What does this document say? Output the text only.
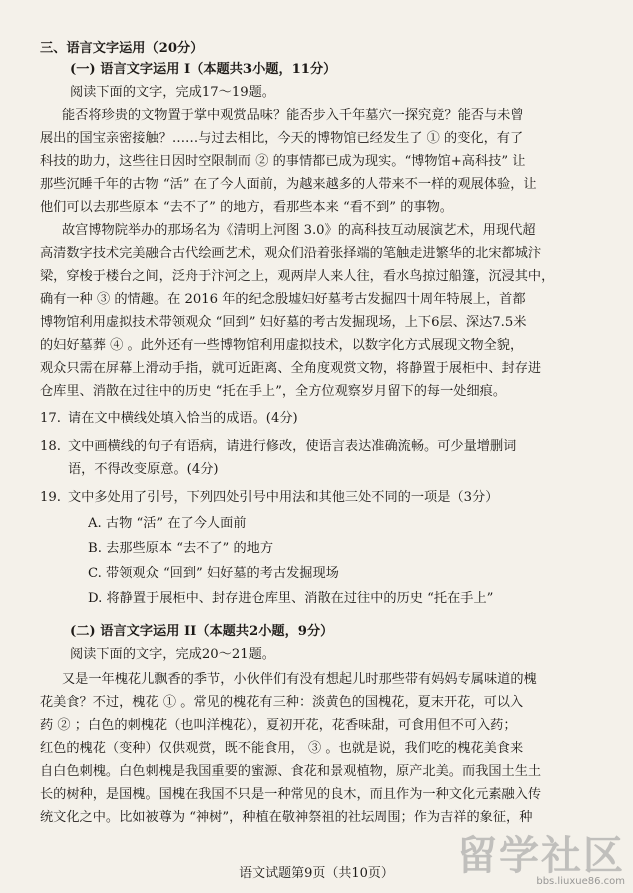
三、语言文字运用（20分）
(一) 语言文字运用 I（本题共3小题，11分）
阅读下面的文字，完成17～19题。
能否将珍贵的文物置于掌中观赏品味？能否步入千年墓穴一探究竟？能否与未曾
展出的国宝亲密接触？……与过去相比，今天的博物馆已经发生了 ① 的变化，有了
科技的助力，这些往日因时空限制而 ② 的事情都已成为现实。“博物馆+高科技” 让
那些沉睡千年的古物 “活” 在了今人面前，为越来越多的人带来不一样的观展体验，让
他们可以去那些原本 “去不了” 的地方，看那些本来 “看不到” 的事物。
故宫博物院举办的那场名为《清明上河图 3.0》的高科技互动展演艺术，用现代超
高清数字技术完美融合古代绘画艺术，观众们沿着张择端的笔触走进繁华的北宋都城汴
梁，穿梭于楼台之间，泛舟于汴河之上，观两岸人来人往，看水鸟掠过船篷，沉浸其中，
确有一种 ③ 的情趣。在 2016 年的纪念殷墟妇好墓考古发掘四十周年特展上，首都
博物馆利用虚拟技术带领观众 “回到” 妇好墓的考古发掘现场，上下6层、深达7.5米
的妇好墓葬 ④ 。此外还有一些博物馆利用虚拟技术，以数字化方式展现文物全貌，
观众只需在屏幕上滑动手指，就可近距离、全角度观赏文物，将静置于展柜中、封存进
仓库里、消散在过往中的历史 “托在手上”，全方位观察岁月留下的每一处细痕。
17. 请在文中横线处填入恰当的成语。(4分)
18. 文中画横线的句子有语病，请进行修改，使语言表达准确流畅。可少量增删词
语，不得改变原意。(4分)
19. 文中多处用了引号，下列四处引号中用法和其他三处不同的一项是（3分）
A. 古物 “活” 在了今人面前
B. 去那些原本 “去不了” 的地方
C. 带领观众 “回到” 妇好墓的考古发掘现场
D. 将静置于展柜中、封存进仓库里、消散在过往中的历史 “托在手上”
(二) 语言文字运用 II（本题共2小题，9分）
阅读下面的文字，完成20～21题。
又是一年槐花儿飘香的季节，小伙伴们有没有想起儿时那些带有妈妈专属味道的槐
花美食？不过，槐花 ① 。常见的槐花有三种：淡黄色的国槐花，夏末开花，可以入
药 ② ；白色的刺槐花（也叫洋槐花），夏初开花，花香味甜，可食用但不可入药；
红色的槐花（变种）仅供观赏，既不能食用， ③ 。也就是说，我们吃的槐花美食来
自白色刺槐。白色刺槐是我国重要的蜜源、食花和景观植物，原产北美。而我国土生土
长的树种，是国槐。国槐在我国不只是一种常见的良木，而且作为一种文化元素融入传
统文化之中。比如被尊为 “神树”，种植在敬神祭祖的社坛周围；作为吉祥的象征，种
语文试题第9页（共10页）	留学社区
bbs.liuxue86.com
